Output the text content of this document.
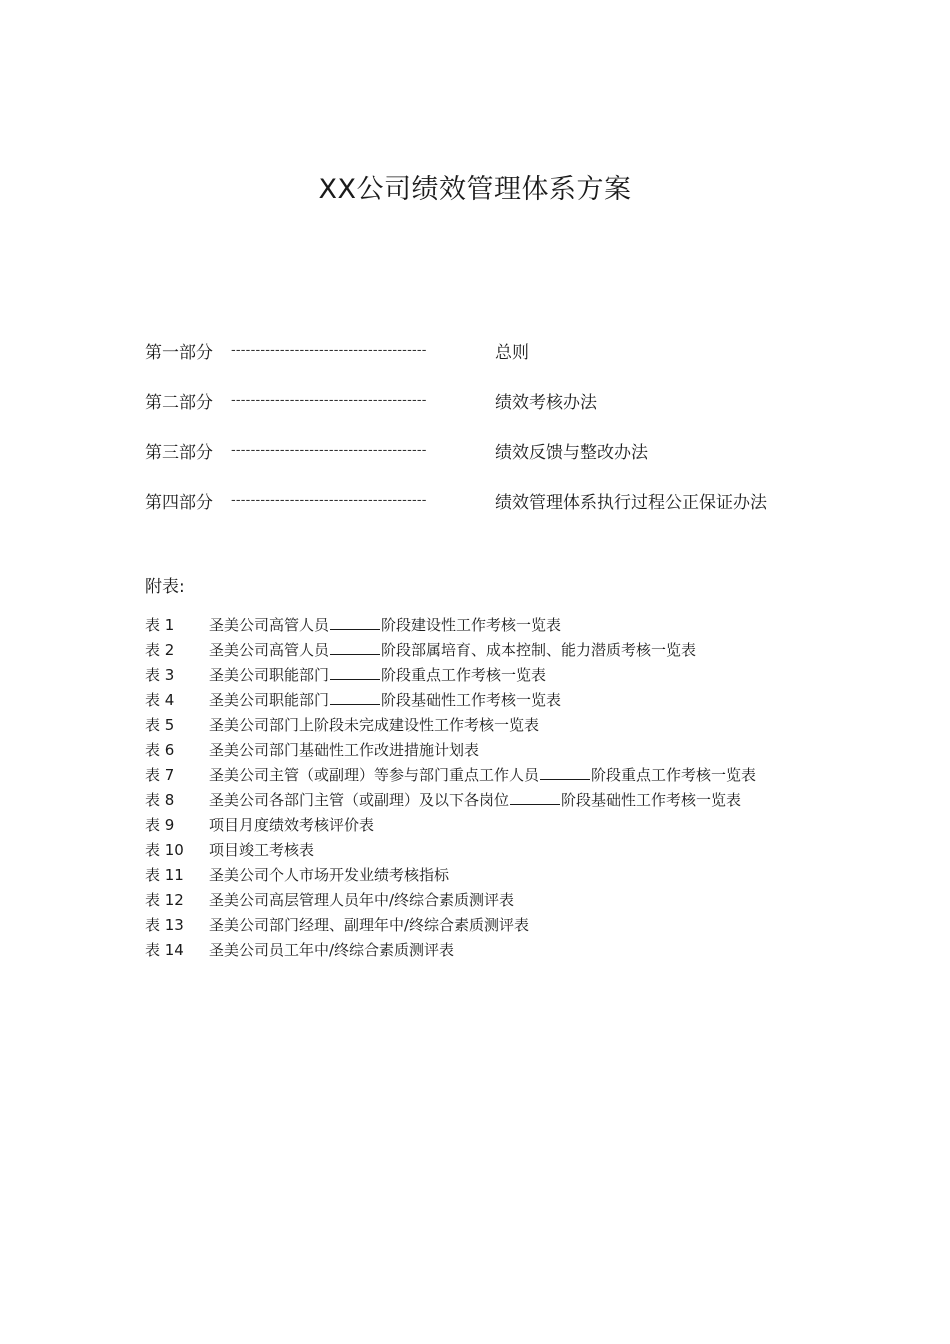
XX公司绩效管理体系方案
第一部分	----------------------------------------	总则
第二部分	----------------------------------------	绩效考核办法
第三部分	----------------------------------------	绩效反馈与整改办法
第四部分	----------------------------------------	绩效管理体系执行过程公正保证办法
附表:
表 1	圣美公司高管人员	阶段建设性工作考核一览表
表 2	圣美公司高管人员	阶段部属培育、成本控制、能力潜质考核一览表
表 3	圣美公司职能部门	阶段重点工作考核一览表
表 4	圣美公司职能部门	阶段基础性工作考核一览表
表 5	圣美公司部门上阶段未完成建设性工作考核一览表
表 6	圣美公司部门基础性工作改进措施计划表
表 7	圣美公司主管（或副理）等参与部门重点工作人员	阶段重点工作考核一览表
表 8	圣美公司各部门主管（或副理）及以下各岗位	阶段基础性工作考核一览表
表 9	项目月度绩效考核评价表
表 10	项目竣工考核表
表 11	圣美公司个人市场开发业绩考核指标
表 12	圣美公司高层管理人员年中/终综合素质测评表
表 13	圣美公司部门经理、副理年中/终综合素质测评表
表 14	圣美公司员工年中/终综合素质测评表
